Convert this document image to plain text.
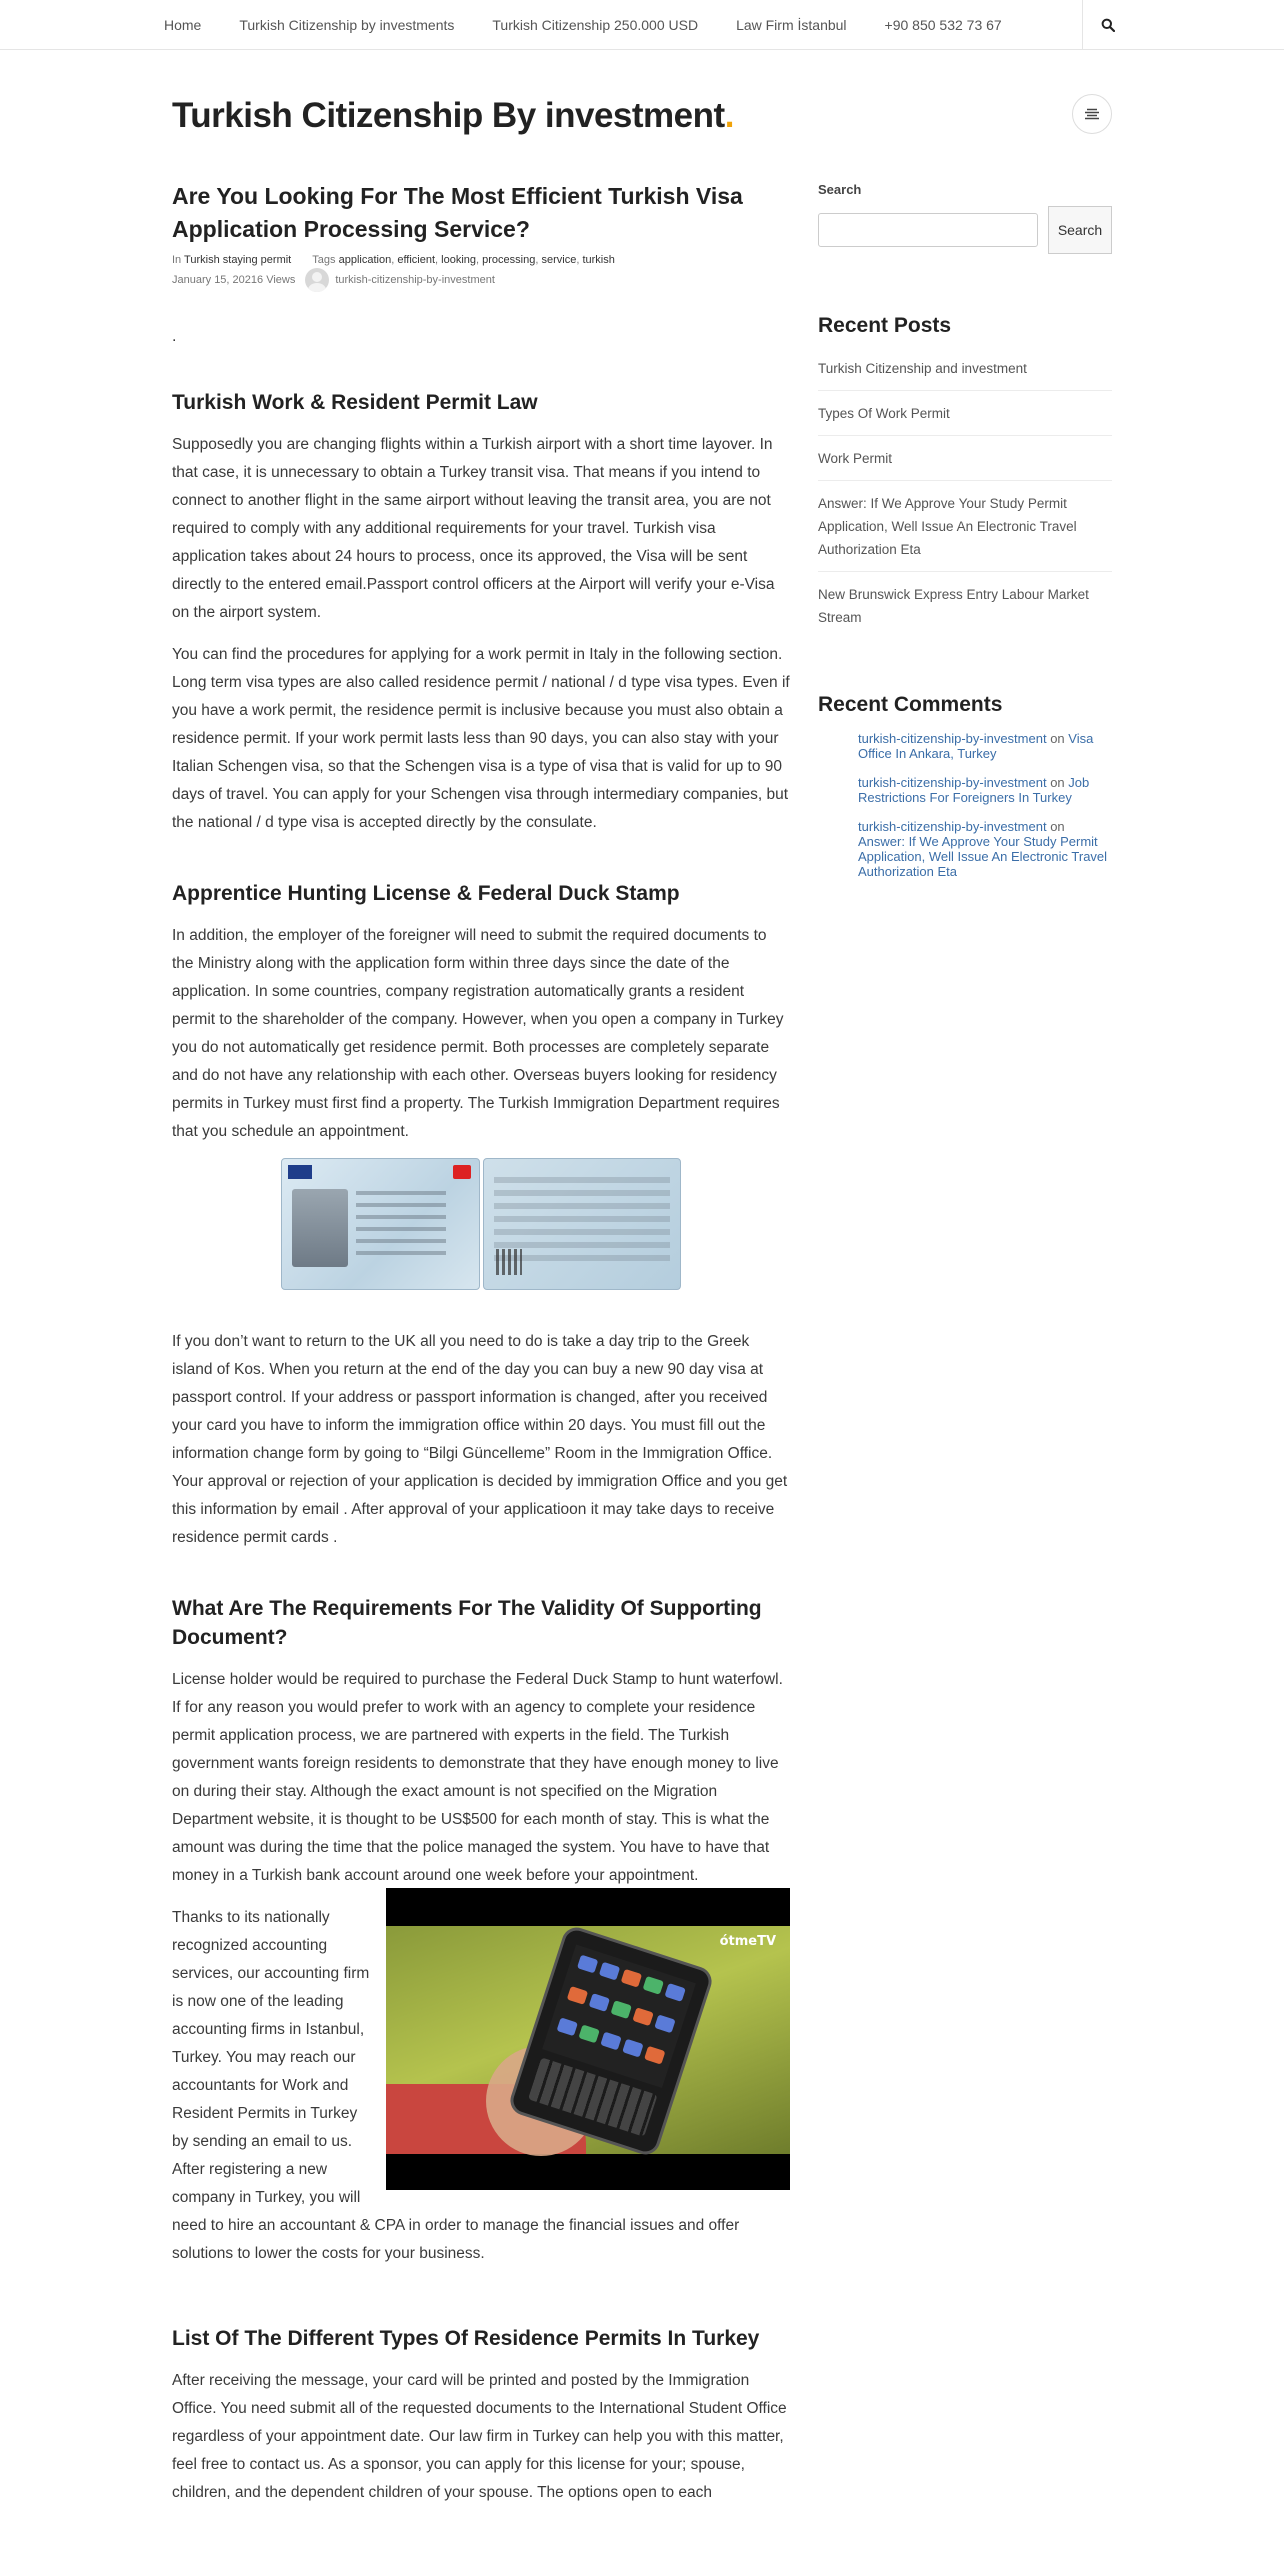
Home	Turkish Citizenship by investments	Turkish Citizenship 250.000 USD	Law Firm İstanbul	+90 850 532 73 67
Turkish Citizenship By investment.
Are You Looking For The Most Efficient Turkish Visa Application Processing Service?
In Turkish staying permit Tags application, efficient, looking, processing, service, turkish
January 15, 2021 6 Views	turkish-citizenship-by-investment
.
Turkish Work & Resident Permit Law

Supposedly you are changing flights within a Turkish airport with a short time layover. In that case, it is unnecessary to obtain a Turkey transit visa. That means if you intend to connect to another flight in the same airport without leaving the transit area, you are not required to comply with any additional requirements for your travel. Turkish visa application takes about 24 hours to process, once its approved, the Visa will be sent directly to the entered email.Passport control officers at the Airport will verify your e-Visa on the airport system.

You can find the procedures for applying for a work permit in Italy in the following section. Long term visa types are also called residence permit / national / d type visa types. Even if you have a work permit, the residence permit is inclusive because you must also obtain a residence permit. If your work permit lasts less than 90 days, you can also stay with your Italian Schengen visa, so that the Schengen visa is a type of visa that is valid for up to 90 days of travel. You can apply for your Schengen visa through intermediary companies, but the national / d type visa is accepted directly by the consulate.

Apprentice Hunting License & Federal Duck Stamp

In addition, the employer of the foreigner will need to submit the required documents to the Ministry along with the application form within three days since the date of the application. In some countries, company registration automatically grants a resident permit to the shareholder of the company. However, when you open a company in Turkey you do not automatically get residence permit. Both processes are completely separate and do not have any relationship with each other. Overseas buyers looking for residency permits in Turkey must first find a property. The Turkish Immigration Department requires that you schedule an appointment.

If you don’t want to return to the UK all you need to do is take a day trip to the Greek island of Kos. When you return at the end of the day you can buy a new 90 day visa at passport control. If your address or passport information is changed, after you received your card you have to inform the immigration office within 20 days. You must fill out the information change form by going to “Bilgi Güncelleme” Room in the Immigration Office. Your approval or rejection of your application is decided by immigration Office and you get this information by email . After approval of your applicatioon it may take days to receive residence permit cards .

What Are The Requirements For The Validity Of Supporting Document?

License holder would be required to purchase the Federal Duck Stamp to hunt waterfowl. If for any reason you would prefer to work with an agency to complete your residence permit application process, we are partnered with experts in the field. The Turkish government wants foreign residents to demonstrate that they have enough money to live on during their stay. Although the exact amount is not specified on the Migration Department website, it is thought to be US$500 for each month of stay. This is what the amount was during the time that the police managed the system. You have to have that money in a Turkish bank account around one week before your appointment.

ótmeTV

Thanks to its nationally recognized accounting services, our accounting firm is now one of the leading accounting firms in Istanbul, Turkey. You may reach our accountants for Work and Resident Permits in Turkey by sending an email to us. After registering a new company in Turkey, you will need to hire an accountant & CPA in order to manage the financial issues and offer solutions to lower the costs for your business.

List Of The Different Types Of Residence Permits In Turkey

After receiving the message, your card will be printed and posted by the Immigration Office. You need submit all of the requested documents to the International Student Office regardless of your appointment date. Our law firm in Turkey can help you with this matter, feel free to contact us. As a sponsor, you can apply for this license for your; spouse, children, and the dependent children of your spouse. The options open to each

Search
Search
Recent Posts
Turkish Citizenship and investment
Types Of Work Permit
Work Permit
Answer: If We Approve Your Study Permit Application, Well Issue An Electronic Travel Authorization Eta
New Brunswick Express Entry Labour Market Stream
Recent Comments
turkish-citizenship-by-investment on Visa Office In Ankara, Turkey
turkish-citizenship-by-investment on Job Restrictions For Foreigners In Turkey
turkish-citizenship-by-investment on Answer: If We Approve Your Study Permit Application, Well Issue An Electronic Travel Authorization Eta
